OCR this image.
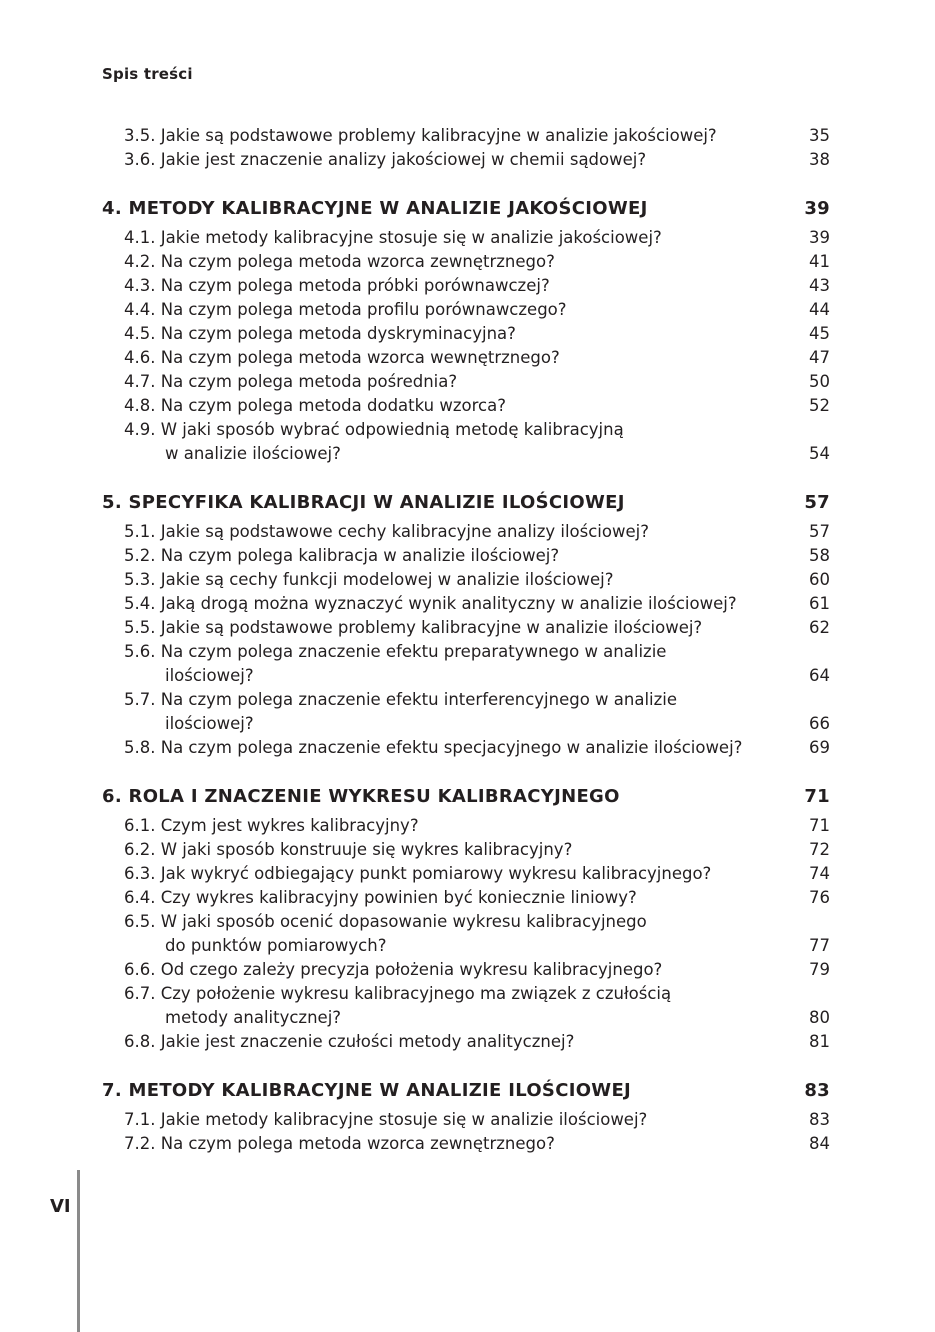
Spis treści
3.5. Jakie są podstawowe problemy kalibracyjne w analizie jakościowej?	35
3.6. Jakie jest znaczenie analizy jakościowej w chemii sądowej?	38
4. METODY KALIBRACYJNE W ANALIZIE JAKOŚCIOWEJ	39
4.1. Jakie metody kalibracyjne stosuje się w analizie jakościowej?	39
4.2. Na czym polega metoda wzorca zewnętrznego?	41
4.3. Na czym polega metoda próbki porównawczej?	43
4.4. Na czym polega metoda profilu porównawczego?	44
4.5. Na czym polega metoda dyskryminacyjna?	45
4.6. Na czym polega metoda wzorca wewnętrznego?	47
4.7. Na czym polega metoda pośrednia?	50
4.8. Na czym polega metoda dodatku wzorca?	52
4.9. W jaki sposób wybrać odpowiednią metodę kalibracyjną
w analizie ilościowej?	54
5. SPECYFIKA KALIBRACJI W ANALIZIE ILOŚCIOWEJ	57
5.1. Jakie są podstawowe cechy kalibracyjne analizy ilościowej?	57
5.2. Na czym polega kalibracja w analizie ilościowej?	58
5.3. Jakie są cechy funkcji modelowej w analizie ilościowej?	60
5.4. Jaką drogą można wyznaczyć wynik analityczny w analizie ilościowej?	61
5.5. Jakie są podstawowe problemy kalibracyjne w analizie ilościowej?	62
5.6. Na czym polega znaczenie efektu preparatywnego w analizie
ilościowej?	64
5.7. Na czym polega znaczenie efektu interferencyjnego w analizie
ilościowej?	66
5.8. Na czym polega znaczenie efektu specjacyjnego w analizie ilościowej?	69
6. ROLA I ZNACZENIE WYKRESU KALIBRACYJNEGO	71
6.1. Czym jest wykres kalibracyjny?	71
6.2. W jaki sposób konstruuje się wykres kalibracyjny?	72
6.3. Jak wykryć odbiegający punkt pomiarowy wykresu kalibracyjnego?	74
6.4. Czy wykres kalibracyjny powinien być koniecznie liniowy?	76
6.5. W jaki sposób ocenić dopasowanie wykresu kalibracyjnego
do punktów pomiarowych?	77
6.6. Od czego zależy precyzja położenia wykresu kalibracyjnego?	79
6.7. Czy położenie wykresu kalibracyjnego ma związek z czułością
metody analitycznej?	80
6.8. Jakie jest znaczenie czułości metody analitycznej?	81
7. METODY KALIBRACYJNE W ANALIZIE ILOŚCIOWEJ	83
7.1. Jakie metody kalibracyjne stosuje się w analizie ilościowej?	83
7.2. Na czym polega metoda wzorca zewnętrznego?	84
VI
